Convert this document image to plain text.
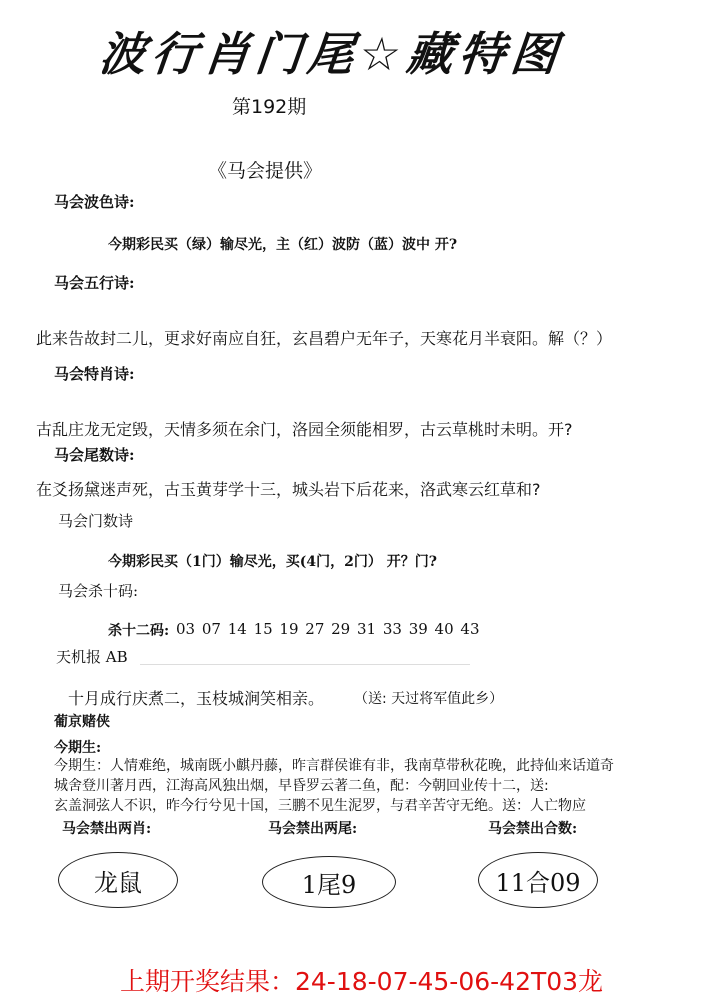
波行肖门尾☆藏特图
第192期
《马会提供》
马会波色诗:
今期彩民买（绿）输尽光，主（红）波防（蓝）波中 开?
马会五行诗:
此来告故封二儿，更求好南应自狂，玄昌碧户无年子，天寒花月半衰阳。解（？）
马会特肖诗:
古乱庄龙无定毁，天情多须在余门，洛园全须能相罗，古云草桃时未明。开?
马会尾数诗:
在爻扬黛迷声死，古玉黄芽学十三，城头岩下后花来，洛武寒云红草和?
马会门数诗
今期彩民买（1门）输尽光，买(4门，2门） 开？门?
马会杀十码:
杀十二码: 03 07 14 15 19 27 29 31 33 39 40 43
天机报 AB
十月成行庆煮二，玉枝城涧笑相亲。 （送: 天过将军值此乡）
葡京赌侠
今期生:
今期生：人情难绝，城南既小麒丹藤，昨言群侯谁有非，我南草带秋花晚，此持仙来话道奇
城舍登川著月西，江海高风独出烟，早昏罗云著二鱼，配：今朝回业传十二，送:
玄盖洞弦人不识，昨今行兮见十国，三鹏不见生泥罗，与君辛苦守无绝。送：人亡物应
马会禁出两肖:	马会禁出两尾:	马会禁出合数:
龙鼠	1尾9	11合09
上期开奖结果：24-18-07-45-06-42T03龙
